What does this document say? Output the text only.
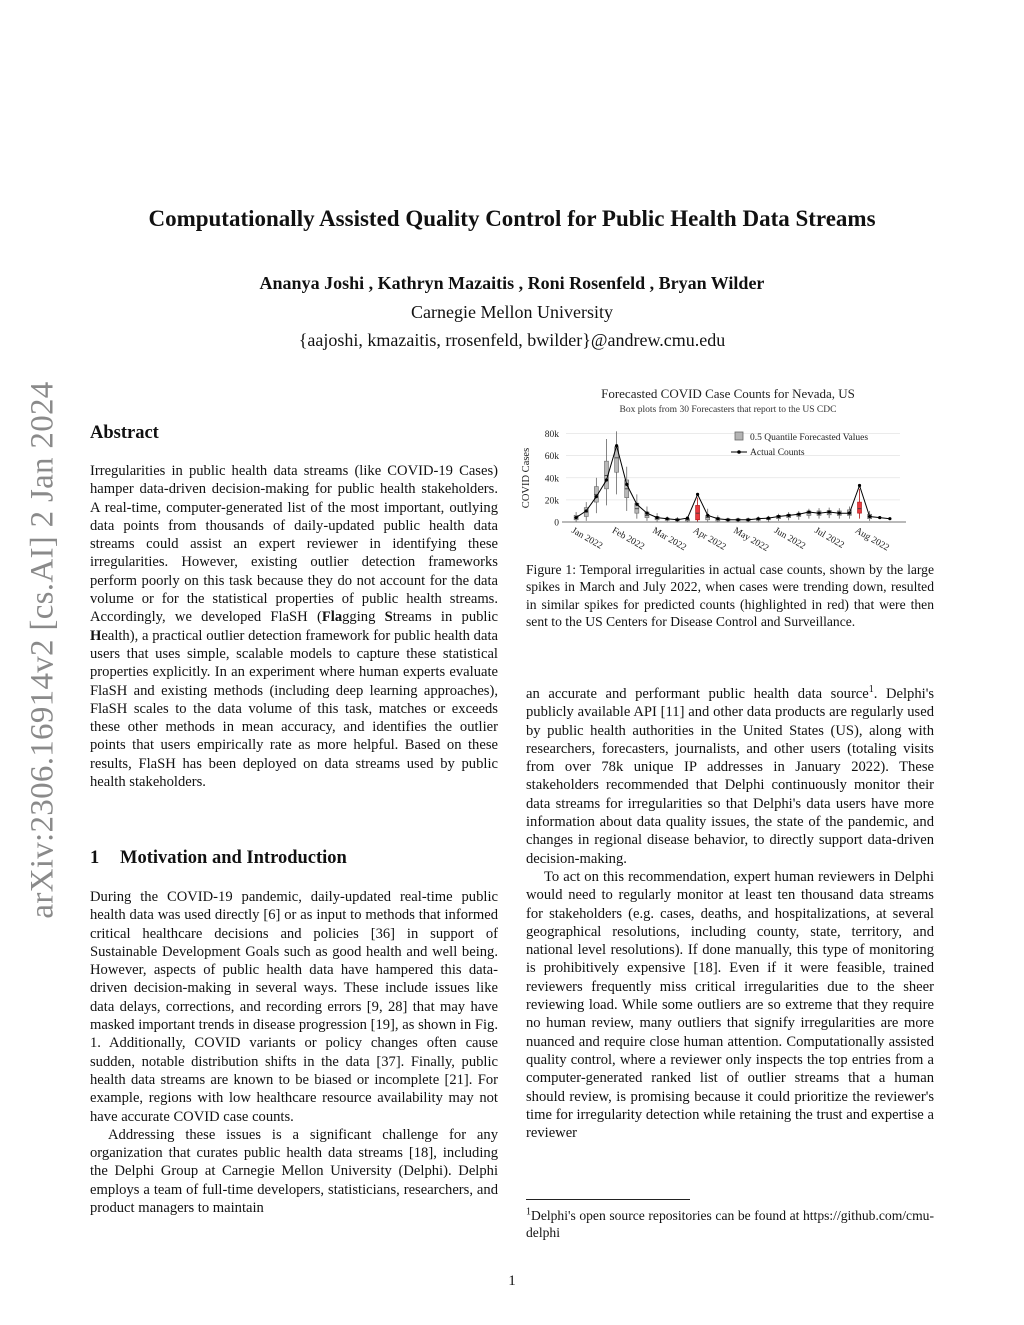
arXiv:2306.16914v2 [cs.AI] 2 Jan 2024
Computationally Assisted Quality Control for Public Health Data Streams
Ananya Joshi , Kathryn Mazaitis , Roni Rosenfeld , Bryan Wilder
Carnegie Mellon University
{aajoshi, kmazaitis, rrosenfeld, bwilder}@andrew.cmu.edu
Abstract

Irregularities in public health data streams (like COVID-19 Cases) hamper data-driven decision-making for public health stakeholders. A real-time, computer-generated list of the most important, outlying data points from thousands of daily-updated public health data streams could assist an expert reviewer in identifying these irregularities. However, existing outlier detection frameworks perform poorly on this task because they do not account for the data volume or for the statistical properties of public health streams. Accordingly, we developed FlaSH (Flagging Streams in public Health), a practical outlier detection framework for public health data users that uses simple, scalable models to capture these statistical properties explicitly. In an experiment where human experts evaluate FlaSH and existing methods (including deep learning approaches), FlaSH scales to the data volume of this task, matches or exceeds these other methods in mean accuracy, and identifies the outlier points that users empirically rate as more helpful. Based on these results, FlaSH has been deployed on data streams used by public health stakeholders.

1 Motivation and Introduction

During the COVID-19 pandemic, daily-updated real-time public health data was used directly [6] or as input to methods that informed critical healthcare decisions and policies [36] in support of Sustainable Development Goals such as good health and well being. However, aspects of public health data have hampered this data-driven decision-making in several ways. These include issues like data delays, corrections, and recording errors [9, 28] that may have masked important trends in disease progression [19], as shown in Fig. 1. Additionally, COVID variants or policy changes often cause sudden, notable distribution shifts in the data [37]. Finally, public health data streams are known to be biased or incomplete [21]. For example, regions with low healthcare resource availability may not have accurate COVID case counts.

Addressing these issues is a significant challenge for any organization that curates public health data streams [18], including the Delphi Group at Carnegie Mellon University (Delphi). Delphi employs a team of full-time developers, statisticians, researchers, and product managers to maintain

Forecasted COVID Case Counts for Nevada, US
Box plots from 30 Forecasters that report to the US CDC
COVID Cases
0
20k
40k
60k
80k
Jan 2022 Feb 2022 Mar 2022 Apr 2022 May 2022 Jun 2022 Jul 2022 Aug 2022
0.5 Quantile Forecasted Values
Actual Counts
Figure 1: Temporal irregularities in actual case counts, shown by the large spikes in March and July 2022, when cases were trending down, resulted in similar spikes for predicted counts (highlighted in red) that were then sent to the US Centers for Disease Control and Surveillance.

an accurate and performant public health data source$^1$. Delphi's publicly available API [11] and other data products are regularly used by public health authorities in the United States (US), along with researchers, forecasters, journalists, and other users (totaling visits from over 78k unique IP addresses in January 2022). These stakeholders recommended that Delphi continuously monitor their data streams for irregularities so that Delphi's data users have more information about data quality issues, the state of the pandemic, and changes in regional disease behavior, to directly support data-driven decision-making.

To act on this recommendation, expert human reviewers in Delphi would need to regularly monitor at least ten thousand data streams for stakeholders (e.g. cases, deaths, and hospitalizations, at several geographical resolutions, including county, state, territory, and national level resolutions). If done manually, this type of monitoring is prohibitively expensive [18]. Even if it were feasible, trained reviewers frequently miss critical irregularities due to the sheer reviewing load. While some outliers are so extreme that they require no human review, many outliers that signify irregularities are more nuanced and require close human attention. Computationally assisted quality control, where a reviewer only inspects the top entries from a computer-generated ranked list of outlier streams that a human should review, is promising because it could prioritize the reviewer's time for irregularity detection while retaining the trust and expertise a reviewer

$^1$Delphi's open source repositories can be found at https://github.com/cmu-delphi

1
